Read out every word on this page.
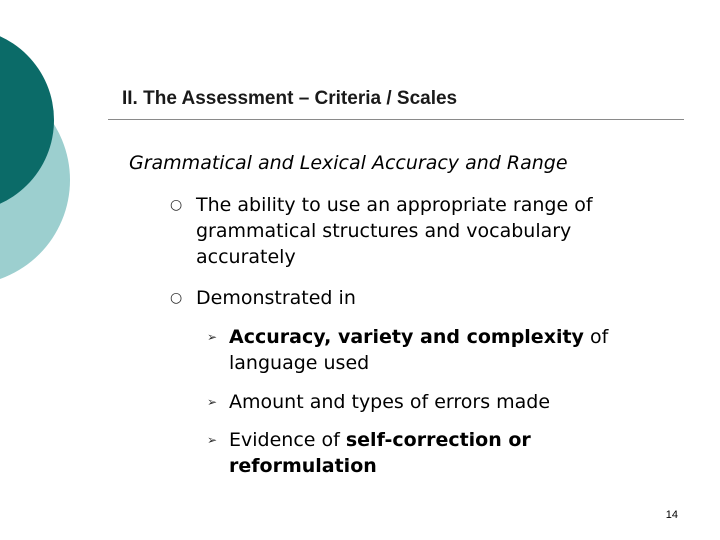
II. The Assessment – Criteria / Scales
Grammatical and Lexical Accuracy and Range
○ The ability to use an appropriate range of grammatical structures and vocabulary accurately
○ Demonstrated in
➢ Accuracy, variety and complexity of language used
➢ Amount and types of errors made
➢ Evidence of self-correction or reformulation
14
